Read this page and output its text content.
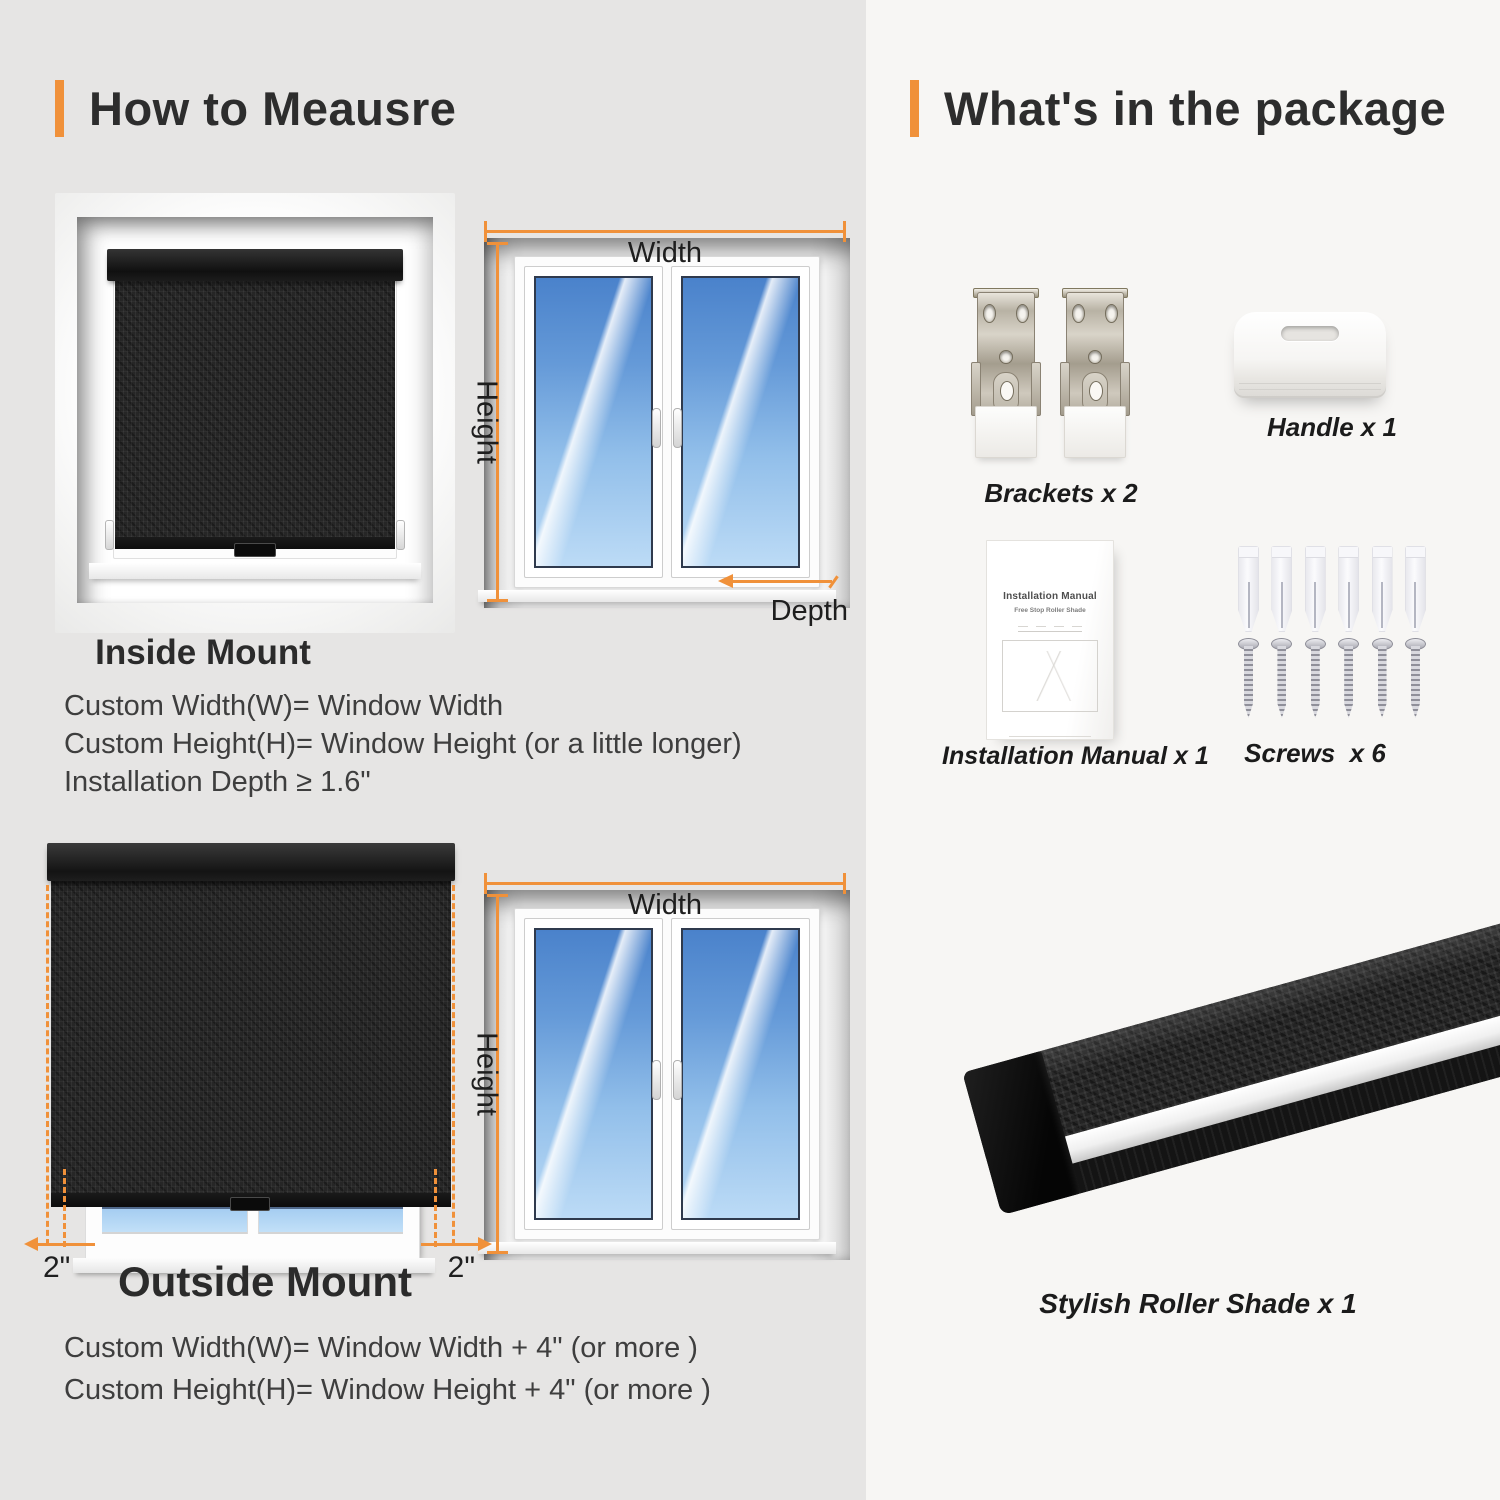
How to Meausre
Width
Height
Depth
Inside Mount
Custom Width(W)= Window Width
Custom Height(H)= Window Height (or a little longer)
Installation Depth ≥ 1.6"
2"	2"
Width
Height
Outside Mount
Custom Width(W)= Window Width + 4" (or more )
Custom Height(H)= Window Height + 4" (or more )
What's in the package
Brackets x 2
Handle x 1
Installation Manual
Free Stop Roller Shade
Installation Manual x 1	Screws  x 6
Stylish Roller Shade x 1
